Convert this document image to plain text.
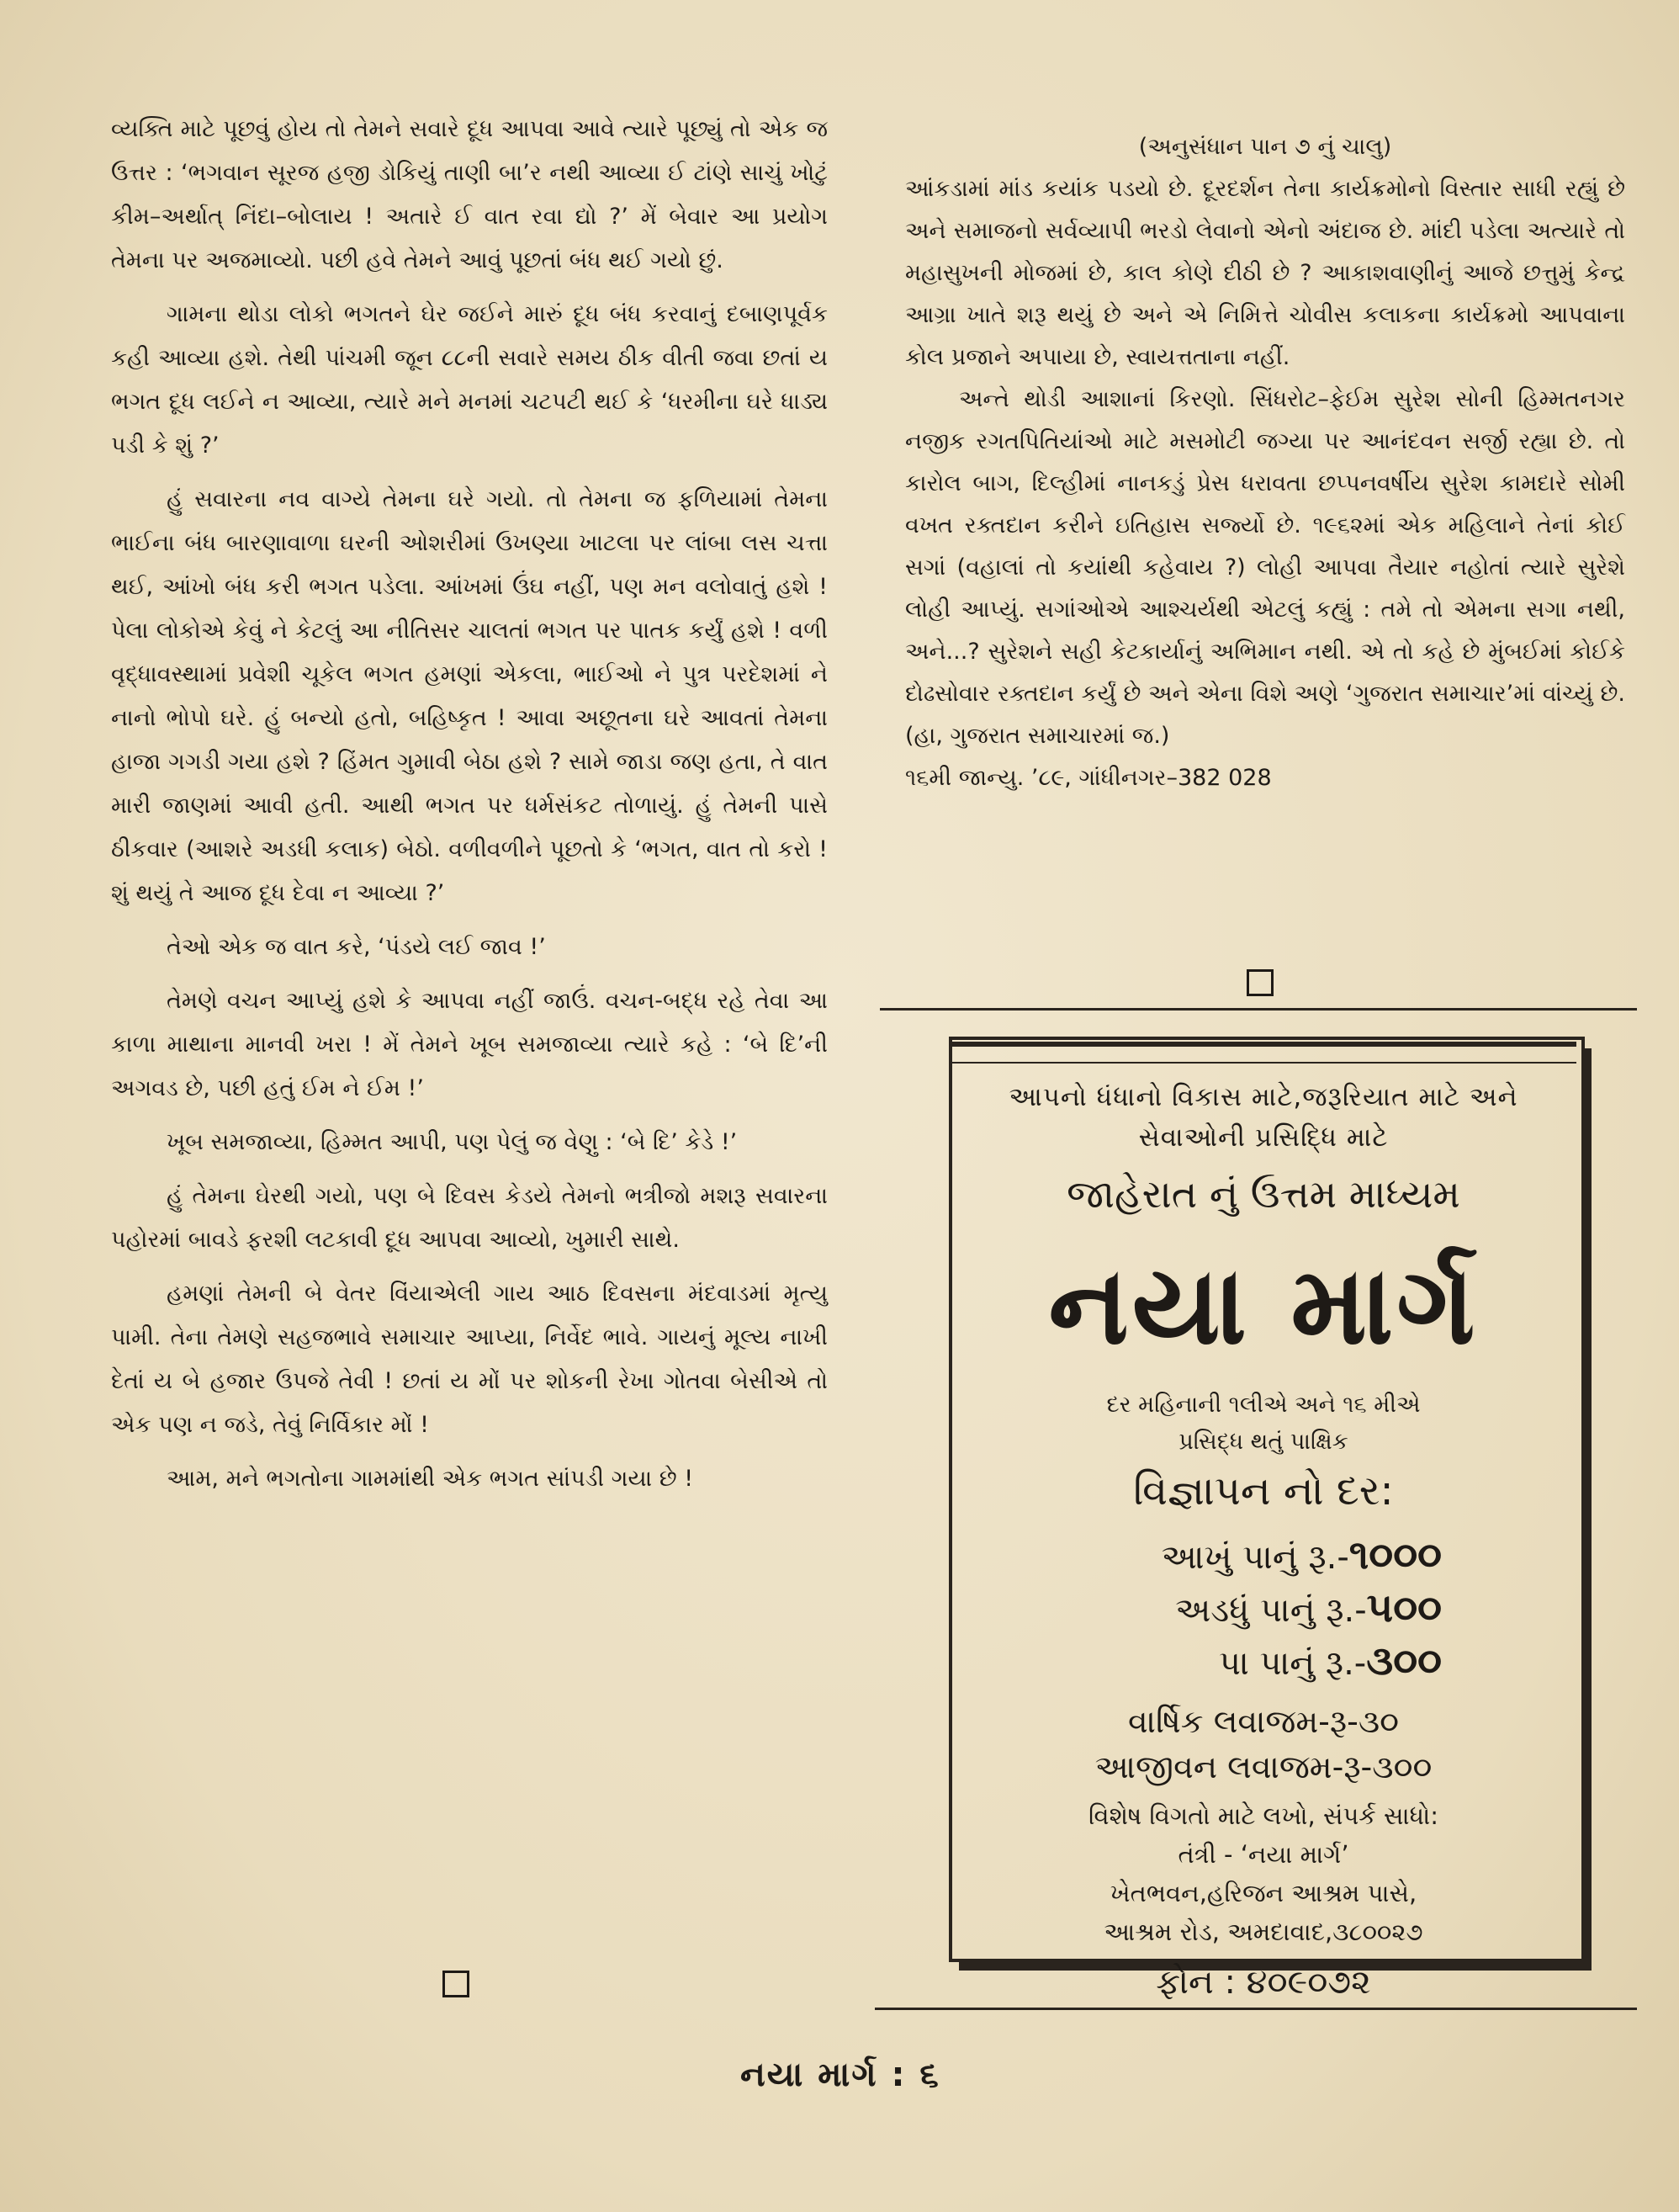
વ્યક્તિ માટે પૂછવું હોય તો તેમને સવારે દૂધ આપવા આવે ત્યારે પૂછ્યું તો એક જ ઉત્તર : ‘ભગવાન સૂરજ હજી ડોકિયું તાણી બા’ર નથી આવ્યા ઈ ટાંણે સાચું ખોટું કીમ–અર્થાત્ નિંદા–બોલાય ! અતારે ઈ વાત રવા દ્યો ?’ મેં બેવાર આ પ્રયોગ તેમના પર અજમાવ્યો. પછી હવે તેમને આવું પૂછતાં બંધ થઈ ગયો છું.

ગામના થોડા લોકો ભગતને ઘેર જઈને મારું દૂધ બંધ કરવાનું દબાણપૂર્વક કહી આવ્યા હશે. તેથી પાંચમી જૂન ૮૮ની સવારે સમય ઠીક વીતી જવા છતાં ય ભગત દૂધ લઈને ન આવ્યા, ત્યારે મને મનમાં ચટપટી થઈ કે ‘ધરમીના ઘરે ધાડ્ય પડી કે શું ?’

હું સવારના નવ વાગ્યે તેમના ઘરે ગયો. તો તેમના જ ફળિયામાં તેમના ભાઈના બંધ બારણાવાળા ઘરની ઓશરીમાં ઉખણ્યા ખાટલા પર લાંબા લસ ચત્તા થઈ, આંખો બંધ કરી ભગત પડેલા. આંખમાં ઉંઘ નહીં, પણ મન વલોવાતું હશે ! પેલા લોકોએ કેવું ને કેટલું આ નીતિસર ચાલતાં ભગત પર પાતક કર્યું હશે ! વળી વૃદ્ધાવસ્થામાં પ્રવેશી ચૂકેલ ભગત હમણાં એકલા, ભાઈઓ ને પુત્ર પરદેશમાં ને નાનો ભોપો ઘરે. હું બન્યો હતો, બહિષ્કૃત ! આવા અછૂતના ઘરે આવતાં તેમના હાજા ગગડી ગયા હશે ? હિંમત ગુમાવી બેઠા હશે ? સામે જાડા જણ હતા, તે વાત મારી જાણમાં આવી હતી. આથી ભગત પર ધર્મસંકટ તોળાયું. હું તેમની પાસે ઠીકવાર (આશરે અડધી કલાક) બેઠો. વળીવળીને પૂછતો કે ‘ભગત, વાત તો કરો ! શું થયું તે આજ દૂધ દેવા ન આવ્યા ?’

તેઓ એક જ વાત કરે, ‘પંડયે લઈ જાવ !’

તેમણે વચન આપ્યું હશે કે આપવા નહીં જાઉં. વચન-બદ્ધ રહે તેવા આ કાળા માથાના માનવી ખરા ! મેં તેમને ખૂબ સમજાવ્યા ત્યારે કહે : ‘બે દિ’ની અગવડ છે, પછી હતું ઈમ ને ઈમ !’

ખૂબ સમજાવ્યા, હિમ્મત આપી, પણ પેલું જ વેણુ : ‘બે દિ’ કેડે !’

હું તેમના ઘેરથી ગયો, પણ બે દિવસ કેડયે તેમનો ભત્રીજો મશરૂ સવારના પહોરમાં બાવડે ફરશી લટકાવી દૂધ આપવા આવ્યો, ખુમારી સાથે.

હમણાં તેમની બે વેતર વિંયાએલી ગાય આઠ દિવસના મંદવાડમાં મૃત્યુ પામી. તેના તેમણે સહજભાવે સમાચાર આપ્યા, નિર્વેદ ભાવે. ગાયનું મૂલ્ય નાખી દેતાં ય બે હજાર ઉપજે તેવી ! છતાં ય મોં પર શોકની રેખા ગોતવા બેસીએ તો એક પણ ન જડે, તેવું નિર્વિકાર મોં !

આમ, મને ભગતોના ગામમાંથી એક ભગત સાંપડી ગયા છે !

(અનુસંધાન પાન ૭ નું ચાલુ)

આંકડામાં માંડ કયાંક પડયો છે. દૂરદર્શન તેના કાર્યક્રમોનો વિસ્તાર સાધી રહ્યું છે અને સમાજનો સર્વવ્યાપી ભરડો લેવાનો એનો અંદાજ છે. માંદી પડેલા અત્યારે તો મહાસુખની મોજમાં છે, કાલ કોણે દીઠી છે ? આકાશવાણીનું આજે છત્તુમું કેન્દ્ર આગ્રા ખાતે શરૂ થયું છે અને એ નિમિત્તે ચોવીસ કલાકના કાર્યક્રમો આપવાના કોલ પ્રજાને અપાયા છે, સ્વાયત્તતાના નહીં.

અન્તે થોડી આશાનાં કિરણો. સિંધરોટ–ફેઈમ સુરેશ સોની હિમ્મતનગર નજીક રગતપિતિયાંઓ માટે મસમોટી જગ્યા પર આનંદવન સર્જી રહ્યા છે. તો કારોલ બાગ, દિલ્હીમાં નાનકડું પ્રેસ ધરાવતા છપ્પનવર્ષીય સુરેશ કામદારે સોમી વખત રક્તદાન કરીને ઇતિહાસ સર્જ્યો છે. ૧૯૬૨માં એક મહિલાને તેનાં કોઈ સગાં (વહાલાં તો કયાંથી કહેવાય ?) લોહી આપવા તૈયાર નહોતાં ત્યારે સુરેશે લોહી આપ્યું. સગાંઓએ આશ્ચર્યથી એટલું કહ્યું : તમે તો એમના સગા નથી, અને...? સુરેશને સહી કેટકાર્યાનું અભિમાન નથી. એ તો કહે છે મુંબઈમાં કોઈકે દોઢસોવાર રક્તદાન કર્યું છે અને એના વિશે અણે ‘ગુજરાત સમાચાર’માં વાંચ્યું છે. (હા, ગુજરાત સમાચારમાં જ.)

૧૬મી જાન્યુ. ’૮૯, ગાંધીનગર–382 028
આપનો ધંધાનો વિકાસ માટે,જરૂરિયાત માટે અને
સેવાઓની પ્રસિદ્ધિ માટે
જાહેરાત નું ઉત્તમ માધ્યમ
નયા માર્ગ
દર મહિનાની ૧લીએ અને ૧૬ મીએ
પ્રસિદ્ધ થતું પાક્ષિક
વિજ્ઞાપન નો દર:
આખું પાનું રૂ.-૧૦૦૦
અડધું પાનું રૂ.-૫૦૦
પા પાનું રૂ.-૩૦૦
વાર્ષિક લવાજમ-રૂ-૩૦
આજીવન લવાજમ-રૂ-૩૦૦
વિશેષ વિગતો માટે લખો, સંપર્ક સાધો:
તંત્રી - ‘નયા માર્ગ’
ખેતભવન,હરિજન આશ્રમ પાસે,
આશ્રમ રોડ, અમદાવાદ,૩૮૦૦૨૭
ફોન : ૪૦૯૦૭૨
નયા માર્ગ : ૬
